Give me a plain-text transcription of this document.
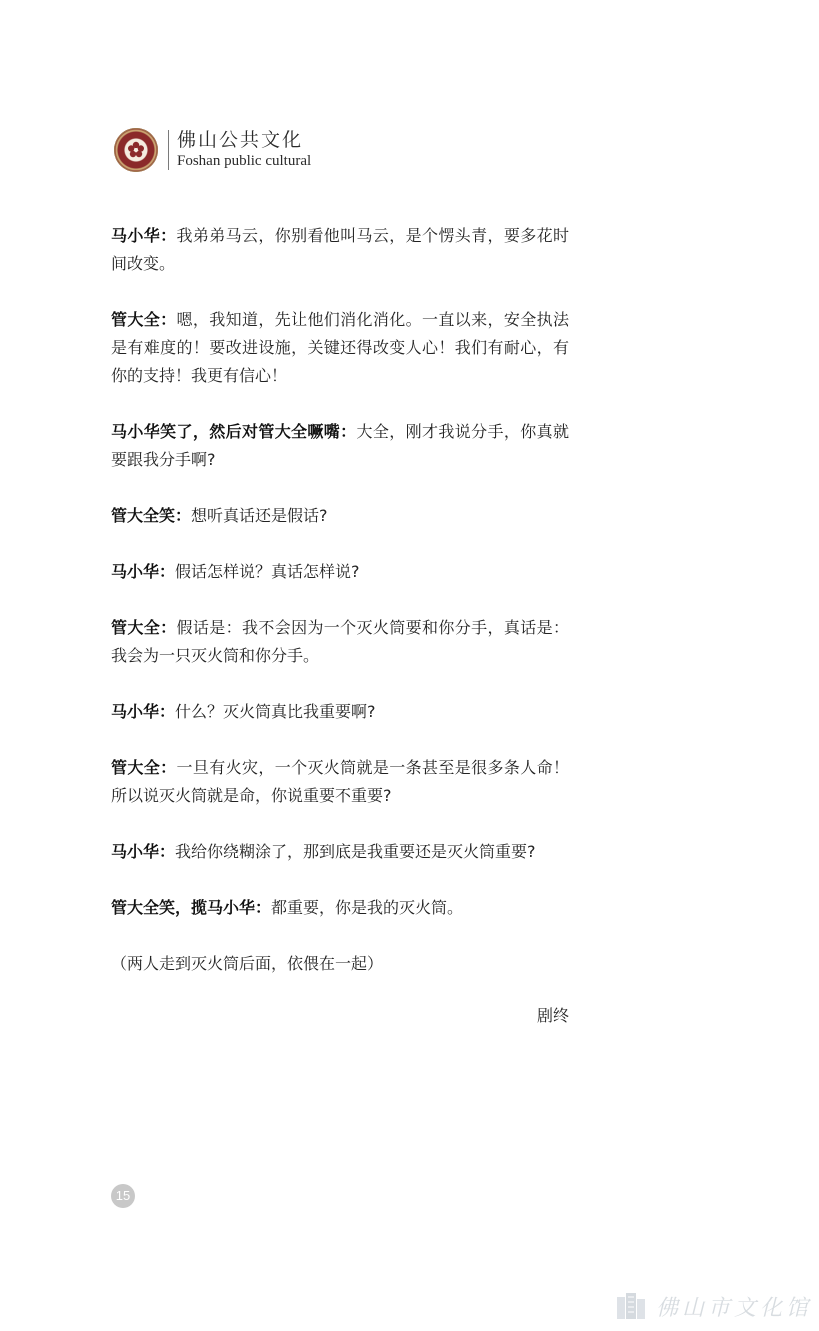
佛山公共文化
Foshan public cultural

马小华：我弟弟马云，你别看他叫马云，是个愣头青，要多花时间改变。

管大全：嗯，我知道，先让他们消化消化。一直以来，安全执法是有难度的！要改进设施，关键还得改变人心！我们有耐心，有你的支持！我更有信心！

马小华笑了，然后对管大全噘嘴：大全，刚才我说分手，你真就要跟我分手啊?

管大全笑：想听真话还是假话?

马小华：假话怎样说？真话怎样说?

管大全：假话是：我不会因为一个灭火筒要和你分手，真话是：我会为一只灭火筒和你分手。

马小华：什么？灭火筒真比我重要啊?

管大全：一旦有火灾，一个灭火筒就是一条甚至是很多条人命！所以说灭火筒就是命，你说重要不重要?

马小华：我给你绕糊涂了，那到底是我重要还是灭火筒重要?

管大全笑，揽马小华：都重要，你是我的灭火筒。

（两人走到灭火筒后面，依偎在一起）

剧终
15
佛山市文化馆
